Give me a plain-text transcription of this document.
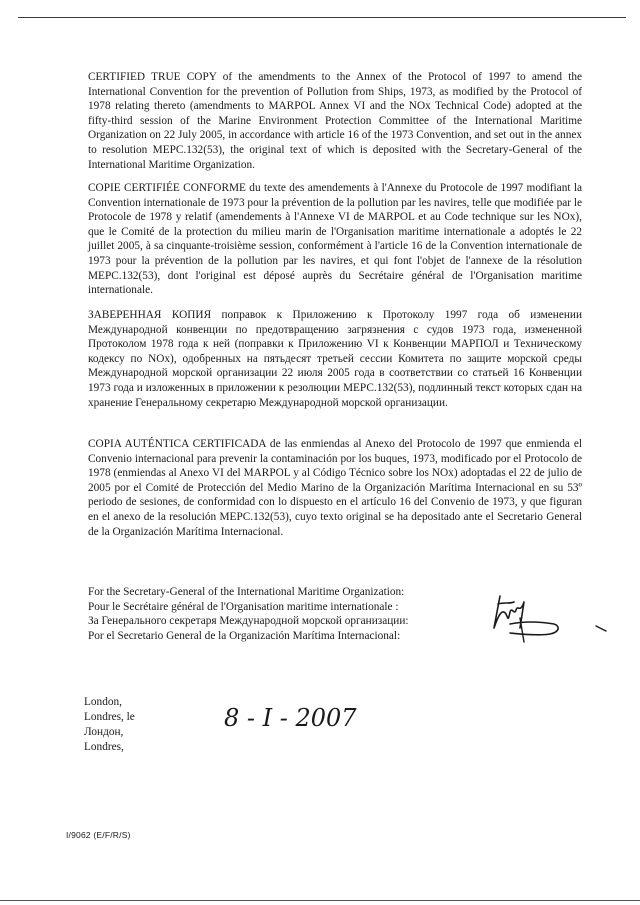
CERTIFIED TRUE COPY of the amendments to the Annex of the Protocol of 1997 to amend the International Convention for the prevention of Pollution from Ships, 1973, as modified by the Protocol of 1978 relating thereto (amendments to MARPOL Annex VI and the NOx Technical Code) adopted at the fifty-third session of the Marine Environment Protection Committee of the International Maritime Organization on 22 July 2005, in accordance with article 16 of the 1973 Convention, and set out in the annex to resolution MEPC.132(53), the original text of which is deposited with the Secretary-General of the International Maritime Organization.

COPIE CERTIFIÉE CONFORME du texte des amendements à l'Annexe du Protocole de 1997 modifiant la Convention internationale de 1973 pour la prévention de la pollution par les navires, telle que modifiée par le Protocole de 1978 y relatif (amendements à l'Annexe VI de MARPOL et au Code technique sur les NOx), que le Comité de la protection du milieu marin de l'Organisation maritime internationale a adoptés le 22 juillet 2005, à sa cinquante-troisième session, conformément à l'article 16 de la Convention internationale de 1973 pour la prévention de la pollution par les navires, et qui font l'objet de l'annexe de la résolution MEPC.132(53), dont l'original est déposé auprès du Secrétaire général de l'Organisation maritime internationale.

ЗАВЕРЕННАЯ КОПИЯ поправок к Приложению к Протоколу 1997 года об изменении Международной конвенции по предотвращению загрязнения с судов 1973 года, измененной Протоколом 1978 года к ней (поправки к Приложению VI к Конвенции МАРПОЛ и Техническому кодексу по NOx), одобренных на пятьдесят третьей сессии Комитета по защите морской среды Международной морской организации 22 июля 2005 года в соответствии со статьей 16 Конвенции 1973 года и изложенных в приложении к резолюции МЕРС.132(53), подлинный текст которых сдан на хранение Генеральному секретарю Международной морской организации.

COPIA AUTÉNTICA CERTIFICADA de las enmiendas al Anexo del Protocolo de 1997 que enmienda el Convenio internacional para prevenir la contaminación por los buques, 1973, modificado por el Protocolo de 1978 (enmiendas al Anexo VI del MARPOL y al Código Técnico sobre los NOx) adoptadas el 22 de julio de 2005 por el Comité de Protección del Medio Marino de la Organización Marítima Internacional en su 53º periodo de sesiones, de conformidad con lo dispuesto en el artículo 16 del Convenio de 1973, y que figuran en el anexo de la resolución MEPC.132(53), cuyo texto original se ha depositado ante el Secretario General de la Organización Marítima Internacional.

For the Secretary-General of the International Maritime Organization:
Pour le Secrétaire général de l'Organisation maritime internationale :
За Генерального секретаря Международной морской организации:
Por el Secretario General de la Organización Marítima Internacional:
London,
Londres, le
Лондон,
Londres,
8 - I - 2007
I/9062 (E/F/R/S)
